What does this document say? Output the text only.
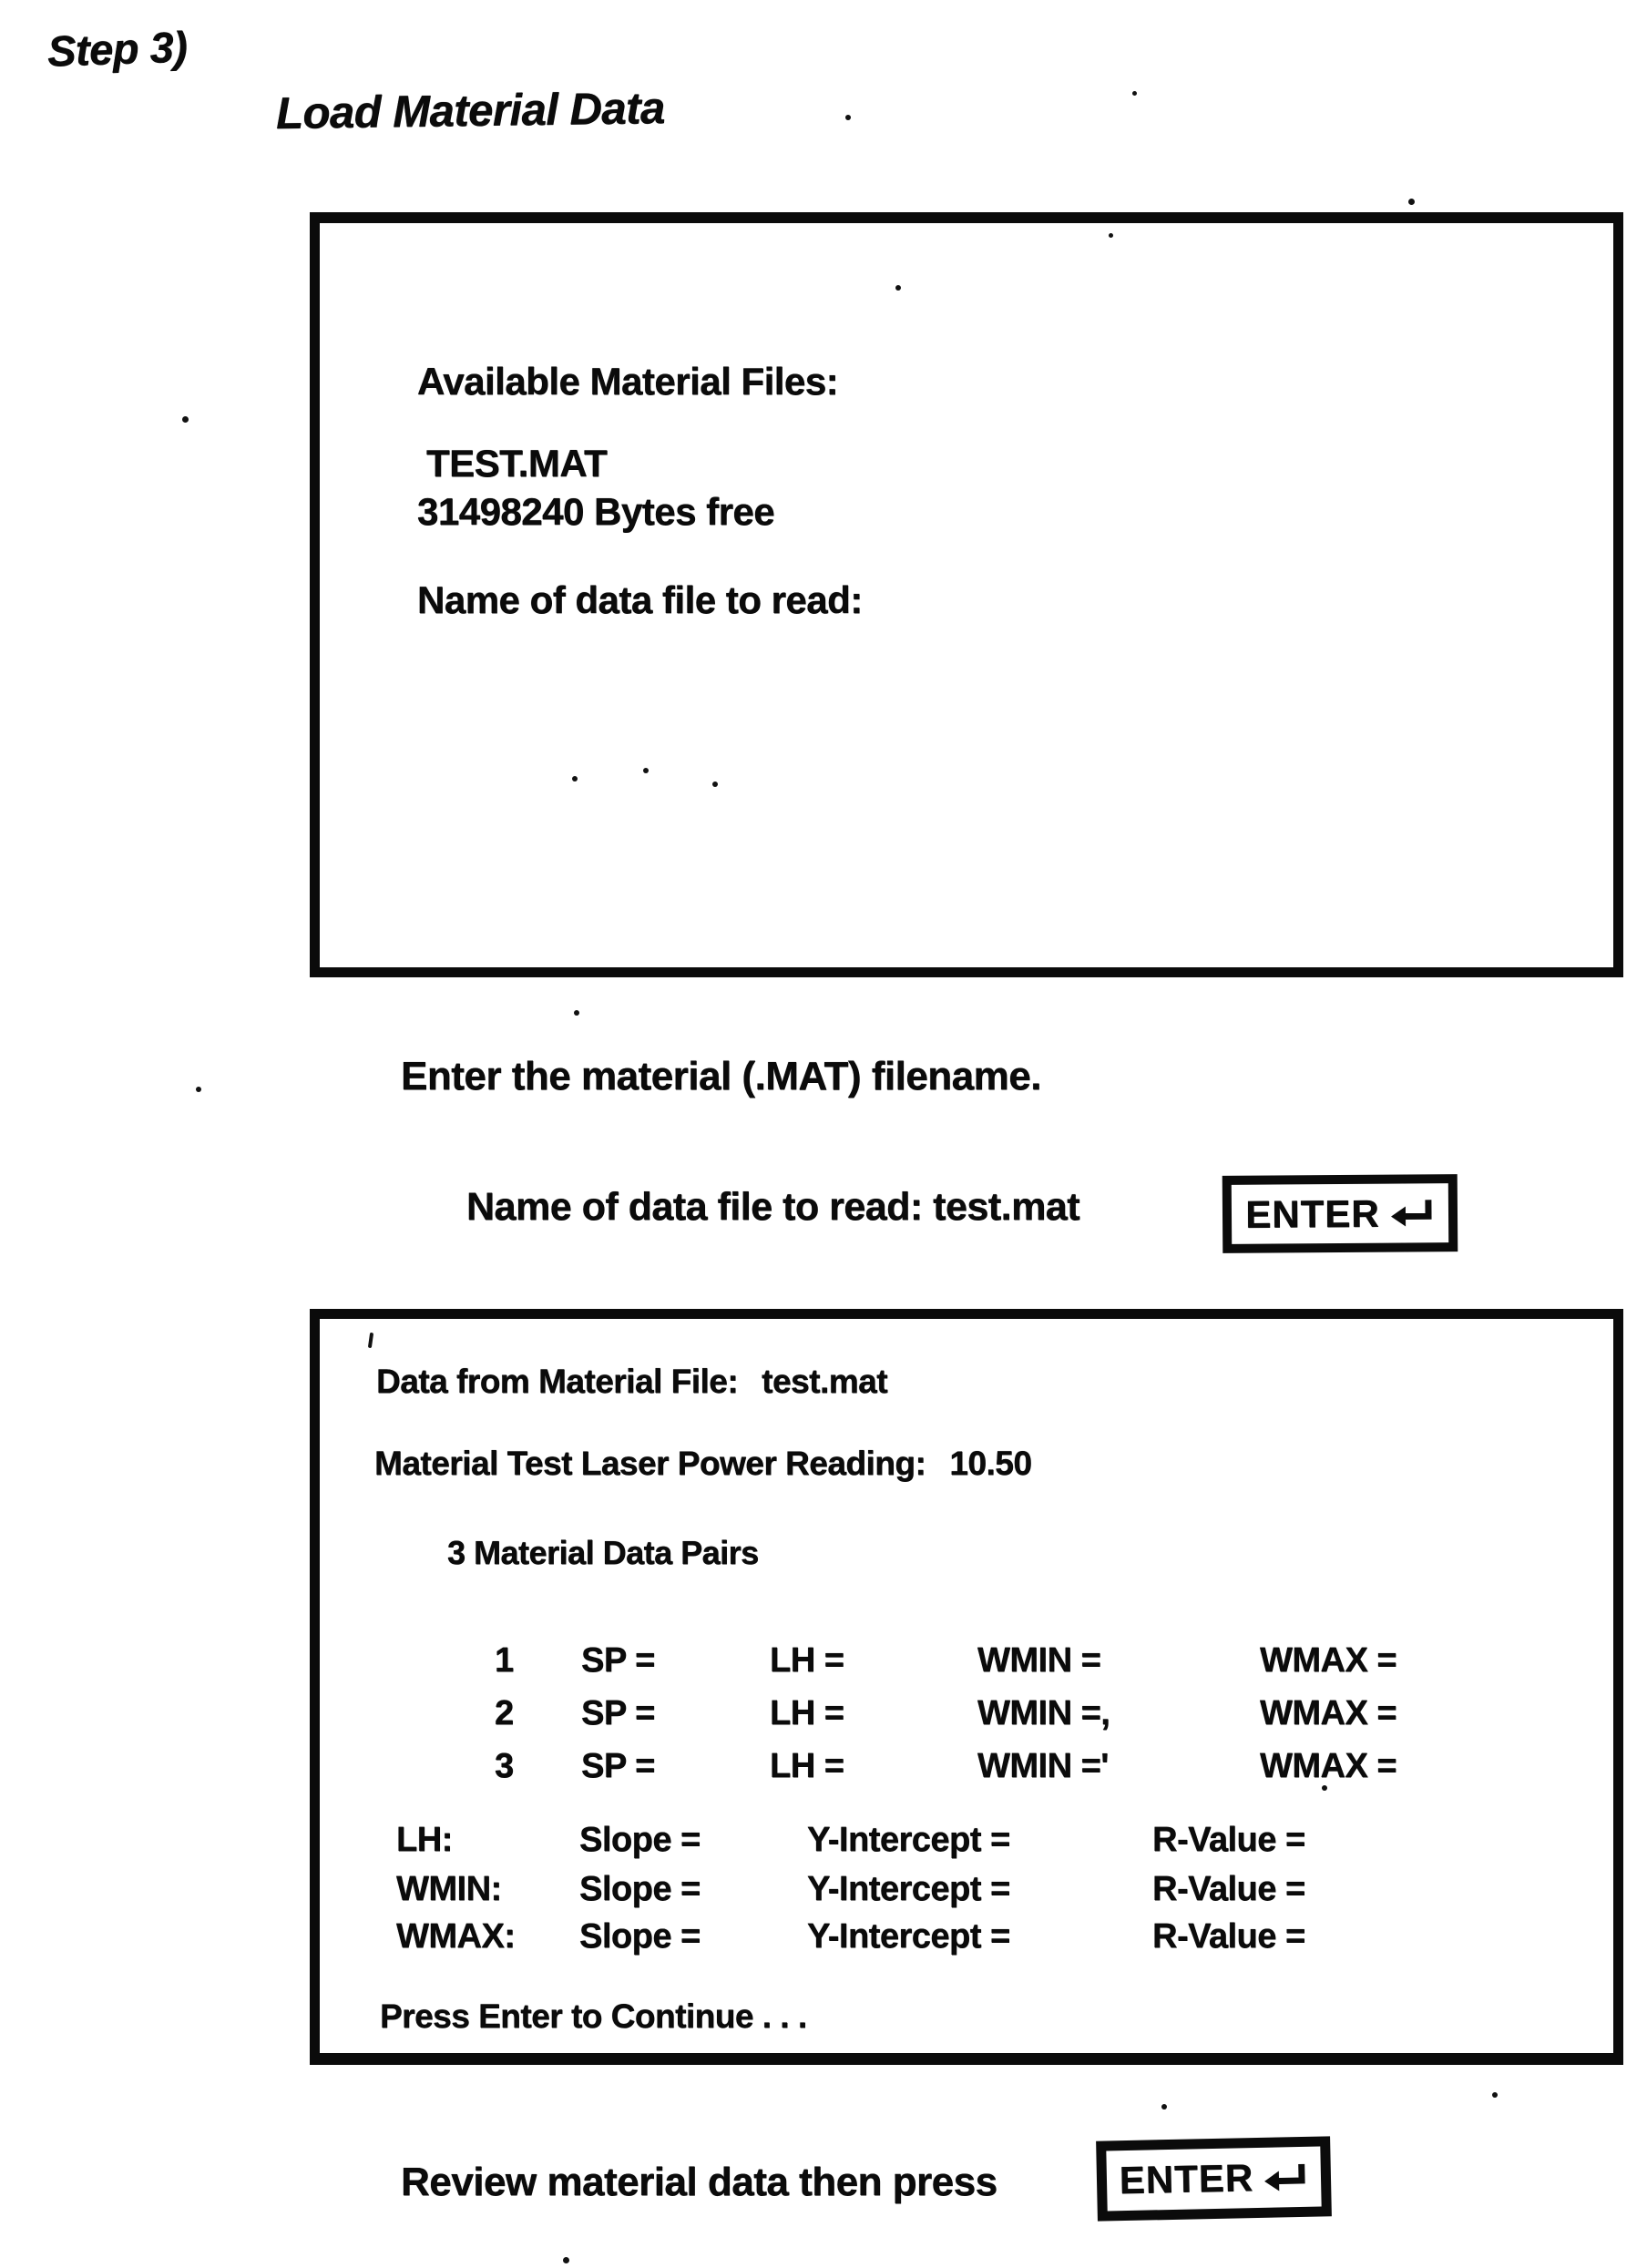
Step 3)
Load Material Data
Available Material Files:
TEST.MAT
31498240 Bytes free
Name of data file to read:
Enter the material (.MAT) filename.
Name of data file to read: test.mat	ENTER
Data from Material File: test.mat
Material Test Laser Power Reading: 10.50
3 Material Data Pairs
1 SP =	LH =	WMIN =	WMAX =
2 SP =	LH =	WMIN =,	WMAX =
3 SP =	LH =	WMIN ='	WMAX =
LH:	Slope =	Y-Intercept =	R-Value =
WMIN: Slope =	Y-Intercept =	R-Value =
WMAX: Slope =	Y-Intercept =	R-Value =
Press Enter to Continue . . .
Review material data then press	ENTER
